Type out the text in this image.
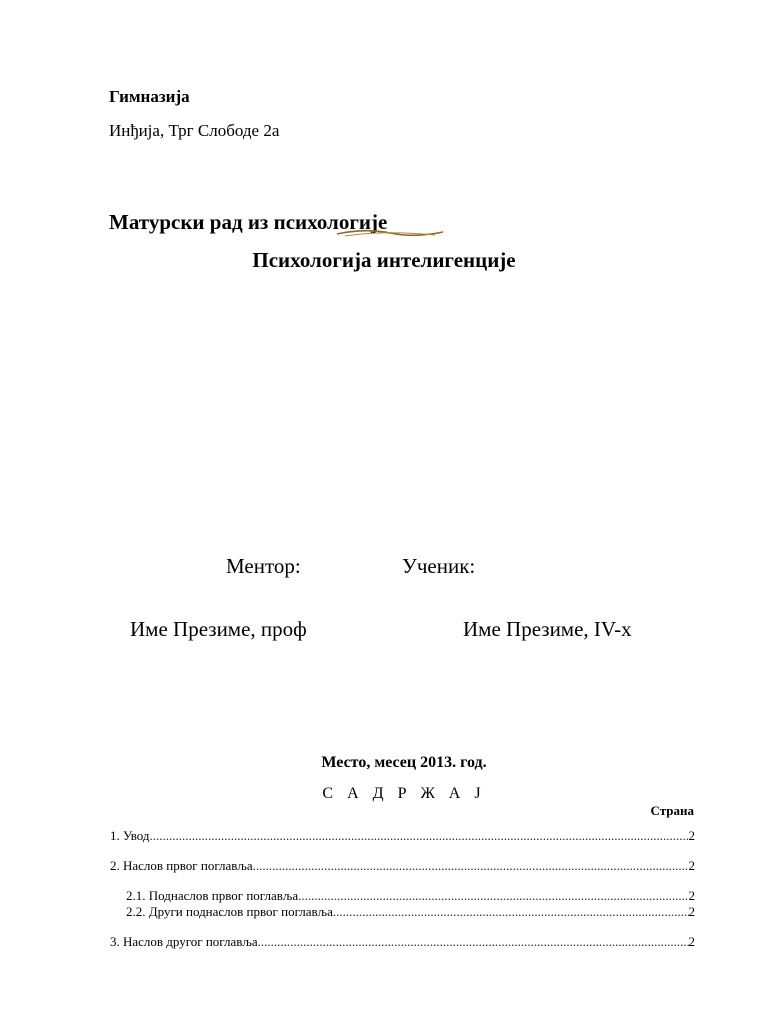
Гимназија
Инђија, Трг Слободе 2а
Матурски рад из психологије
Психологија интелигенције
Ментор:	Ученик:
Име Презиме, проф	Име Презиме, IV-x
Место, месец 2013. год.
С А Д Р Ж А Ј
Страна
1. Увод .....	2
2. Наслов првог поглавља .....	2
2.1. Поднаслов првог поглавља .....	2
2.2. Други поднаслов првог поглавља .....	2
3. Наслов другог поглавља .....	2
